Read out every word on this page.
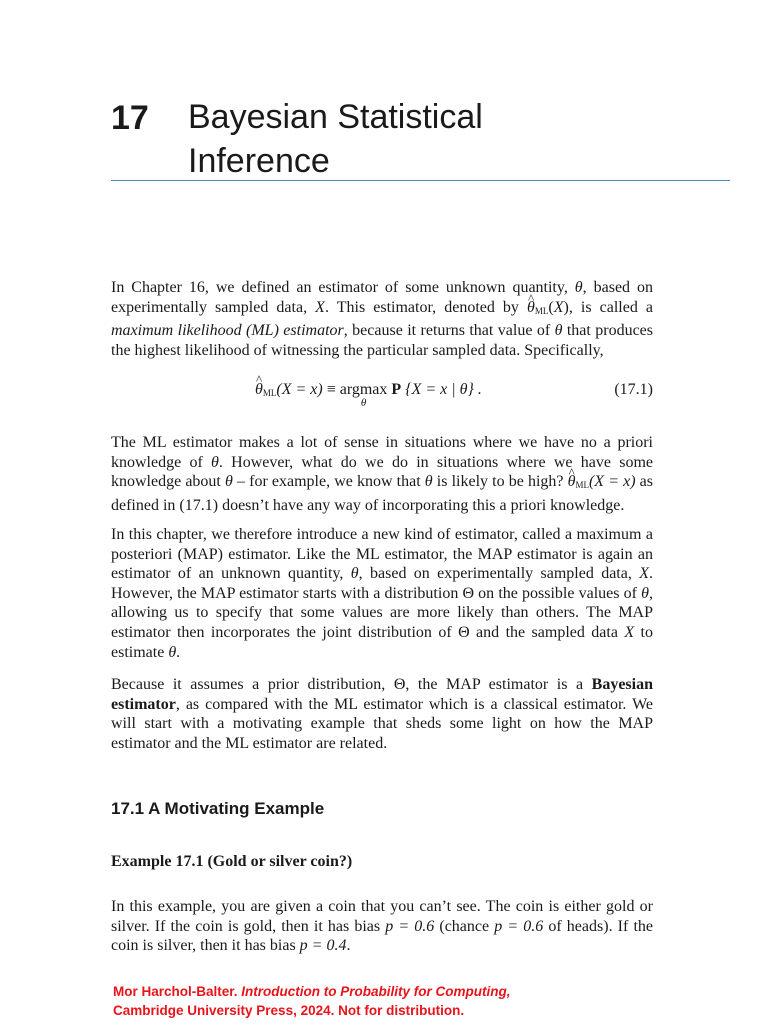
17 Bayesian Statistical
Inference
In Chapter 16, we defined an estimator of some unknown quantity, θ, based on experimentally sampled data, X. This estimator, denoted by ^ $\theta_{ML}(X)$, is called a maximum likelihood (ML) estimator, because it returns that value of θ that produces the highest likelihood of witnessing the particular sampled data. Specifically,
^ $\theta_{ML}(X = x) \equiv argmax$
θ
P {X = x | θ} .	(17.1)
The ML estimator makes a lot of sense in situations where we have no a priori knowledge of θ. However, what do we do in situations where we have some knowledge about θ – for example, we know that θ is likely to be high? ^ $\theta_{ML}(X = x)$ as defined in (17.1) doesn’t have any way of incorporating this a priori knowledge.
In this chapter, we therefore introduce a new kind of estimator, called a maximum a posteriori (MAP) estimator. Like the ML estimator, the MAP estimator is again an estimator of an unknown quantity, θ, based on experimentally sampled data, X. However, the MAP estimator starts with a distribution Θ on the possible values of θ, allowing us to specify that some values are more likely than others. The MAP estimator then incorporates the joint distribution of Θ and the sampled data X to estimate θ.
Because it assumes a prior distribution, Θ, the MAP estimator is a Bayesian estimator, as compared with the ML estimator which is a classical estimator. We will start with a motivating example that sheds some light on how the MAP estimator and the ML estimator are related.
17.1 A Motivating Example
Example 17.1 (Gold or silver coin?)
In this example, you are given a coin that you can’t see. The coin is either gold or silver. If the coin is gold, then it has bias p = 0.6 (chance p = 0.6 of heads). If the coin is silver, then it has bias p = 0.4.
Mor Harchol-Balter. Introduction to Probability for Computing,
Cambridge University Press, 2024. Not for distribution.
